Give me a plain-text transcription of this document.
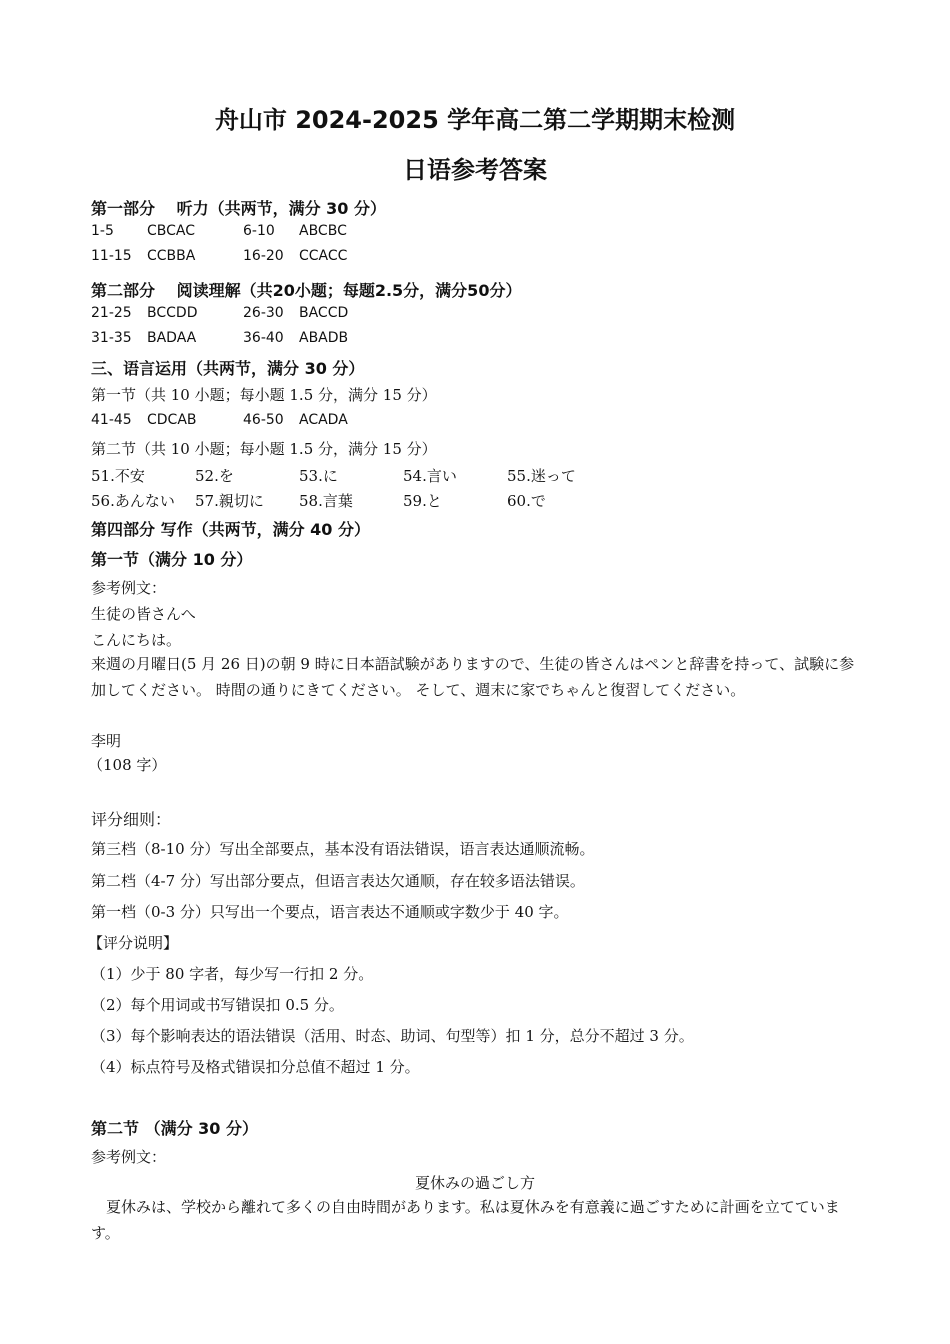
舟山市 2024-2025 学年高二第二学期期末检测
日语参考答案
第一部分　 听力（共两节，满分 30 分）
1-5 CBCAC	6-10 ABCBC
11-15 CCBBA	16-20 CCACC
第二部分　 阅读理解（共20小题；每题2.5分，满分50分）
21-25 BCCDD	26-30 BACCD
31-35 BADAA	36-40 ABADB
三、语言运用（共两节，满分 30 分）
第一节（共 10 小题；每小题 1.5 分，满分 15 分）
41-45 CDCAB	46-50 ACADA
第二节（共 10 小题；每小题 1.5 分，满分 15 分）
51.不安	52.を	53.に	54.言い	55.迷って
56.あんない 57.親切に 58.言葉	59.と	60.で
第四部分 写作（共两节，满分 40 分）
第一节（满分 10 分）
参考例文：
生徒の皆さんへ
こんにちは。
来週の月曜日(5 月 26 日)の朝 9 時に日本語試験がありますので、生徒の皆さんはペンと辞書を持って、試験に参加してください。 時間の通りにきてください。 そして、週末に家でちゃんと復習してください。
李明
（108 字）
评分细则：
第三档（8-10 分）写出全部要点，基本没有语法错误，语言表达通顺流畅。
第二档（4-7 分）写出部分要点，但语言表达欠通顺，存在较多语法错误。
第一档（0-3 分）只写出一个要点，语言表达不通顺或字数少于 40 字。
【评分说明】
（1）少于 80 字者，每少写一行扣 2 分。
（2）每个用词或书写错误扣 0.5 分。
（3）每个影响表达的语法错误（活用、时态、助词、句型等）扣 1 分，总分不超过 3 分。
（4）标点符号及格式错误扣分总值不超过 1 分。
第二节 （满分 30 分）
参考例文：
夏休みの過ごし方
夏休みは、学校から離れて多くの自由時間があります。私は夏休みを有意義に過ごすために計画を立てています。
